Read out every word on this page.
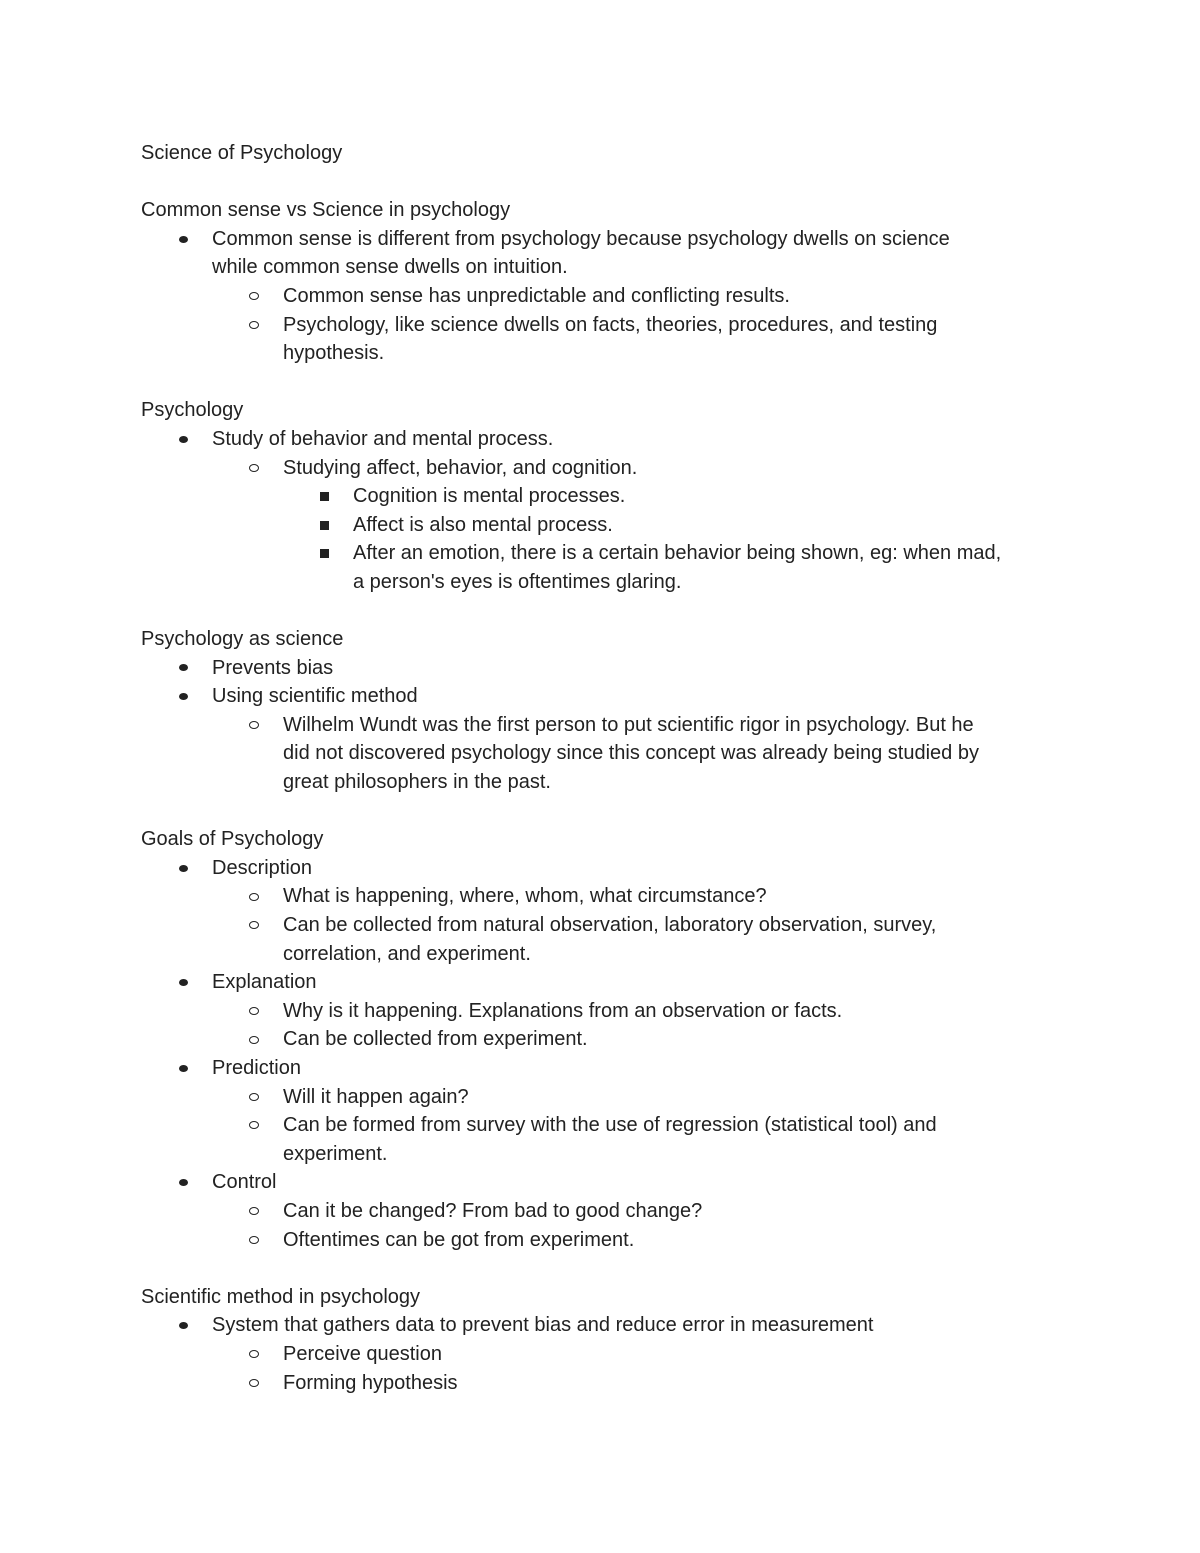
Science of Psychology
Common sense vs Science in psychology
Common sense is different from psychology because psychology dwells on science
while common sense dwells on intuition.
Common sense has unpredictable and conflicting results.
Psychology, like science dwells on facts, theories, procedures, and testing
hypothesis.
Psychology
Study of behavior and mental process.
Studying affect, behavior, and cognition.
Cognition is mental processes.
Affect is also mental process.
After an emotion, there is a certain behavior being shown, eg: when mad,
a person's eyes is oftentimes glaring.
Psychology as science
Prevents bias
Using scientific method
Wilhelm Wundt was the first person to put scientific rigor in psychology. But he
did not discovered psychology since this concept was already being studied by
great philosophers in the past.
Goals of Psychology
Description
What is happening, where, whom, what circumstance?
Can be collected from natural observation, laboratory observation, survey,
correlation, and experiment.
Explanation
Why is it happening. Explanations from an observation or facts.
Can be collected from experiment.
Prediction
Will it happen again?
Can be formed from survey with the use of regression (statistical tool) and
experiment.
Control
Can it be changed? From bad to good change?
Oftentimes can be got from experiment.
Scientific method in psychology
System that gathers data to prevent bias and reduce error in measurement
Perceive question
Forming hypothesis
